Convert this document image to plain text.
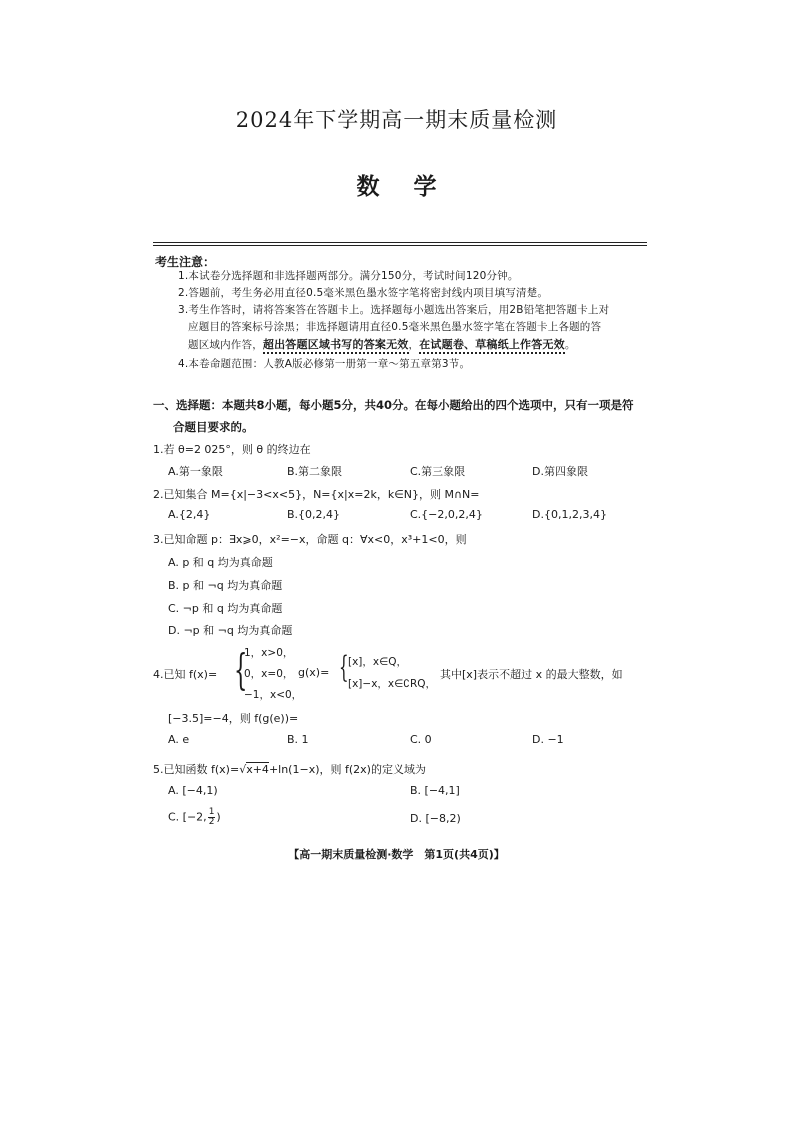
2024年下学期高一期末质量检测
数学
考生注意：
1.本试卷分选择题和非选择题两部分。满分150分，考试时间120分钟。
2.答题前，考生务必用直径0.5毫米黑色墨水签字笔将密封线内项目填写清楚。
3.考生作答时，请将答案答在答题卡上。选择题每小题选出答案后，用2B铅笔把答题卡上对
应题目的答案标号涂黑；非选择题请用直径0.5毫米黑色墨水签字笔在答题卡上各题的答
题区域内作答，超出答题区域书写的答案无效，在试题卷、草稿纸上作答无效。
4.本卷命题范围：人教A版必修第一册第一章～第五章第3节。
一、选择题：本题共8小题，每小题5分，共40分。在每小题给出的四个选项中，只有一项是符
合题目要求的。
1.若 θ=2 025°，则 θ 的终边在
A.第一象限	B.第二象限	C.第三象限	D.第四象限
2.已知集合 M={x|−3<x<5}，N={x|x=2k，k∈N}，则 M∩N=
A.{2,4}	B.{0,2,4}	C.{−2,0,2,4}	D.{0,1,2,3,4}
3.已知命题 p：∃x⩾0，x²=−x，命题 q：∀x<0，x³+1<0，则
A. p 和 q 均为真命题
B. p 和 ¬q 均为真命题
C. ¬p 和 q 均为真命题
D. ¬p 和 ¬q 均为真命题
4.已知 f(x)= {
1，x>0，
0，x=0，
−1，x<0，
g(x)= { [x]，x∈Q，
[x]−x，x∈∁RQ，
其中[x]表示不超过 x 的最大整数，如
[−3.5]=−4，则 f(g(e))=
A. e	B. 1	C. 0	D. −1
5.已知函数 f(x)=√x+4+ln(1−x)，则 f(2x)的定义域为
A. [−4,1)	B. [−4,1]
C. [−2, $\frac{1}{2}$ )	D. [−8,2)
【高一期末质量检测·数学　第1页(共4页)】
